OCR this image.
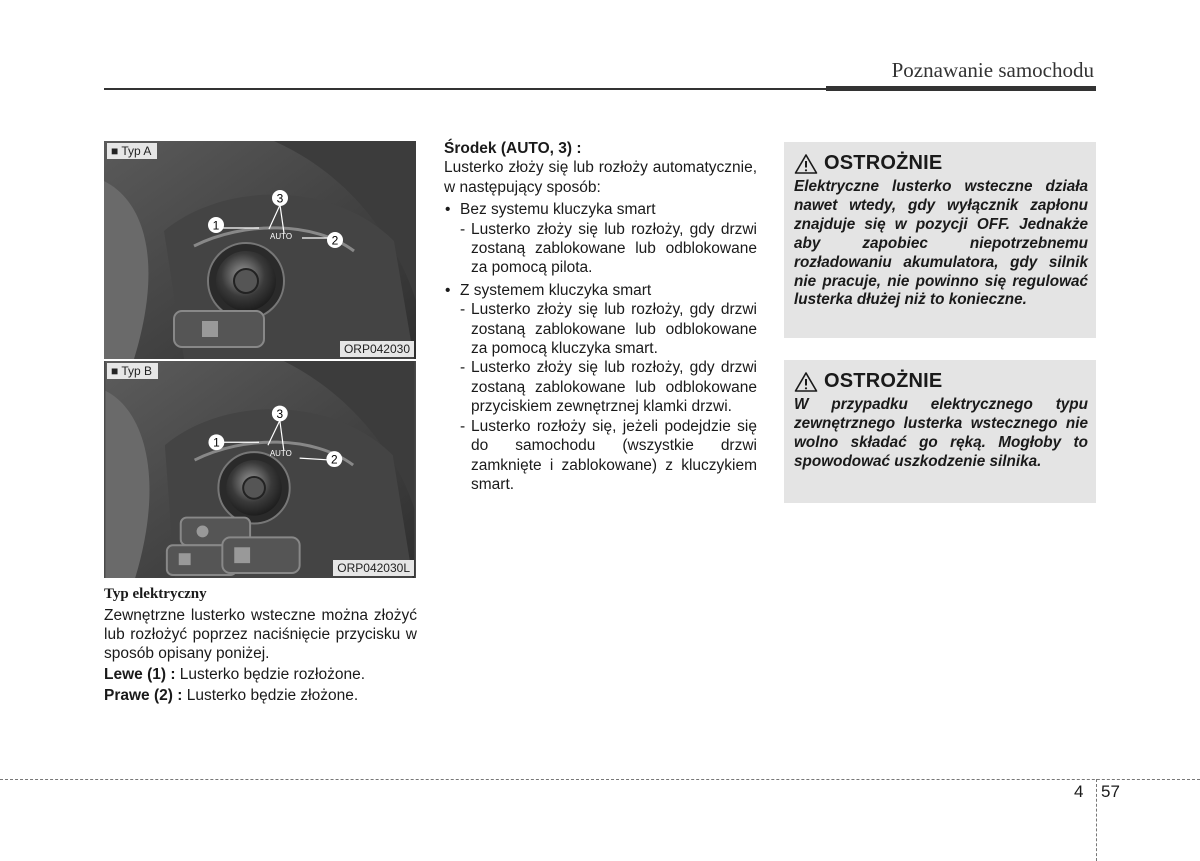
Poznawanie samochodu
AUTO
1
2
3
■ Typ A
ORP042030
AUTO
1
2
3
■ Typ B
ORP042030L
Typ elektryczny

Zewnętrzne lusterko wsteczne można złożyć lub rozłożyć poprzez naciśnięcie przycisku w sposób opisany poniżej.

Lewe (1) : Lusterko będzie rozłożone.

Prawe (2) : Lusterko będzie złożone.

Środek (AUTO, 3) :

Lusterko złoży się lub rozłoży automatycznie, w następujący sposób:

• Bez systemu kluczyka smart
- Lusterko złoży się lub rozłoży, gdy drzwi zostaną zablokowane lub odblokowane za pomocą pilota.
• Z systemem kluczyka smart
- Lusterko złoży się lub rozłoży, gdy drzwi zostaną zablokowane lub odblokowane za pomocą kluczyka smart.
- Lusterko złoży się lub rozłoży, gdy drzwi zostaną zablokowane lub odblokowane przyciskiem zewnętrznej klamki drzwi.
- Lusterko rozłoży się, jeżeli podejdzie się do samochodu (wszystkie drzwi zamknięte i zablokowane) z kluczykiem smart.
OSTROŻNIE

Elektryczne lusterko wsteczne działa nawet wtedy, gdy wyłącznik zapłonu znajduje się w pozycji OFF. Jednakże aby zapobiec niepotrzebnemu rozładowaniu akumulatora, gdy silnik nie pracuje, nie powinno się regulować lusterka dłużej niż to konieczne.

OSTROŻNIE

W przypadku elektrycznego typu zewnętrznego lusterka wstecznego nie wolno składać go ręką. Mogłoby to spowodować uszkodzenie silnika.

4 57
